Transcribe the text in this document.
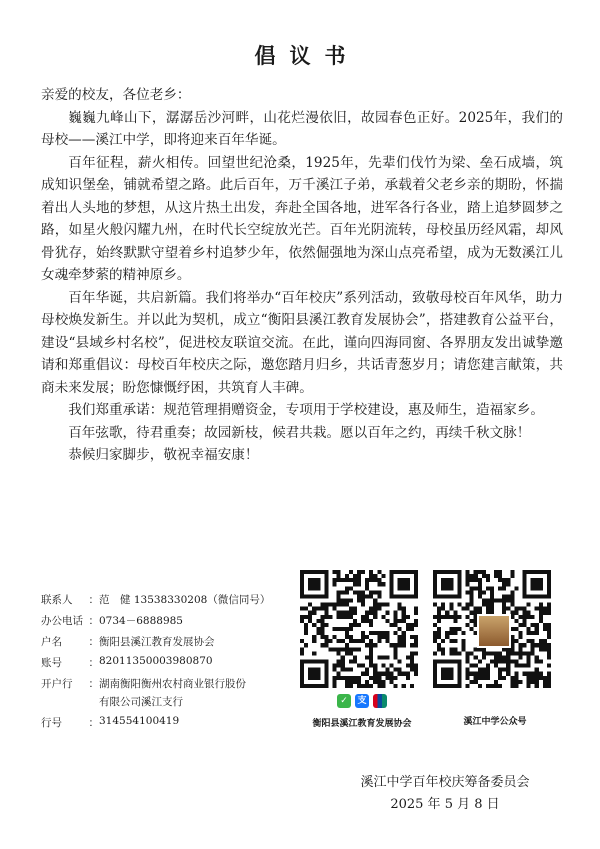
倡议书

亲爱的校友，各位老乡：

巍巍九峰山下，潺潺岳沙河畔，山花烂漫依旧，故园春色正好。2025年，我们的母校——溪江中学，即将迎来百年华诞。

百年征程，薪火相传。回望世纪沧桑，1925年，先辈们伐竹为梁、垒石成墙，筑成知识堡垒，铺就希望之路。此后百年，万千溪江子弟，承载着父老乡亲的期盼，怀揣着出人头地的梦想，从这片热土出发，奔赴全国各地，进军各行各业，踏上追梦圆梦之路，如星火般闪耀九州，在时代长空绽放光芒。百年光阴流转，母校虽历经风霜，却风骨犹存，始终默默守望着乡村追梦少年，依然倔强地为深山点亮希望，成为无数溪江儿女魂牵梦萦的精神原乡。

百年华诞，共启新篇。我们将举办“百年校庆”系列活动，致敬母校百年风华，助力母校焕发新生。并以此为契机，成立“衡阳县溪江教育发展协会”，搭建教育公益平台，建设“县域乡村名校”，促进校友联谊交流。在此，谨向四海同窗、各界朋友发出诚挚邀请和郑重倡议：母校百年校庆之际，邀您踏月归乡，共话青葱岁月；请您建言献策，共商未来发展；盼您慷慨纾困，共筑育人丰碑。

我们郑重承诺：规范管理捐赠资金，专项用于学校建设，惠及师生，造福家乡。

百年弦歌，待君重奏；故园新枝，候君共栽。愿以百年之约，再续千秋文脉！

恭候归家脚步，敬祝幸福安康！

联系人 ： 范　健 13538330208（微信同号）
办公电话 ： 0734－6888985
户名	： 衡阳县溪江教育发展协会
账号	： 82011350003980870
开户行 ： 湖南衡阳衡州农村商业银行股份
有限公司溪江支行
行号	： 314554100419
✓	支
衡阳县溪江教育发展协会	溪江中学公众号
溪江中学百年校庆筹备委员会
2025 年 5 月 8 日
